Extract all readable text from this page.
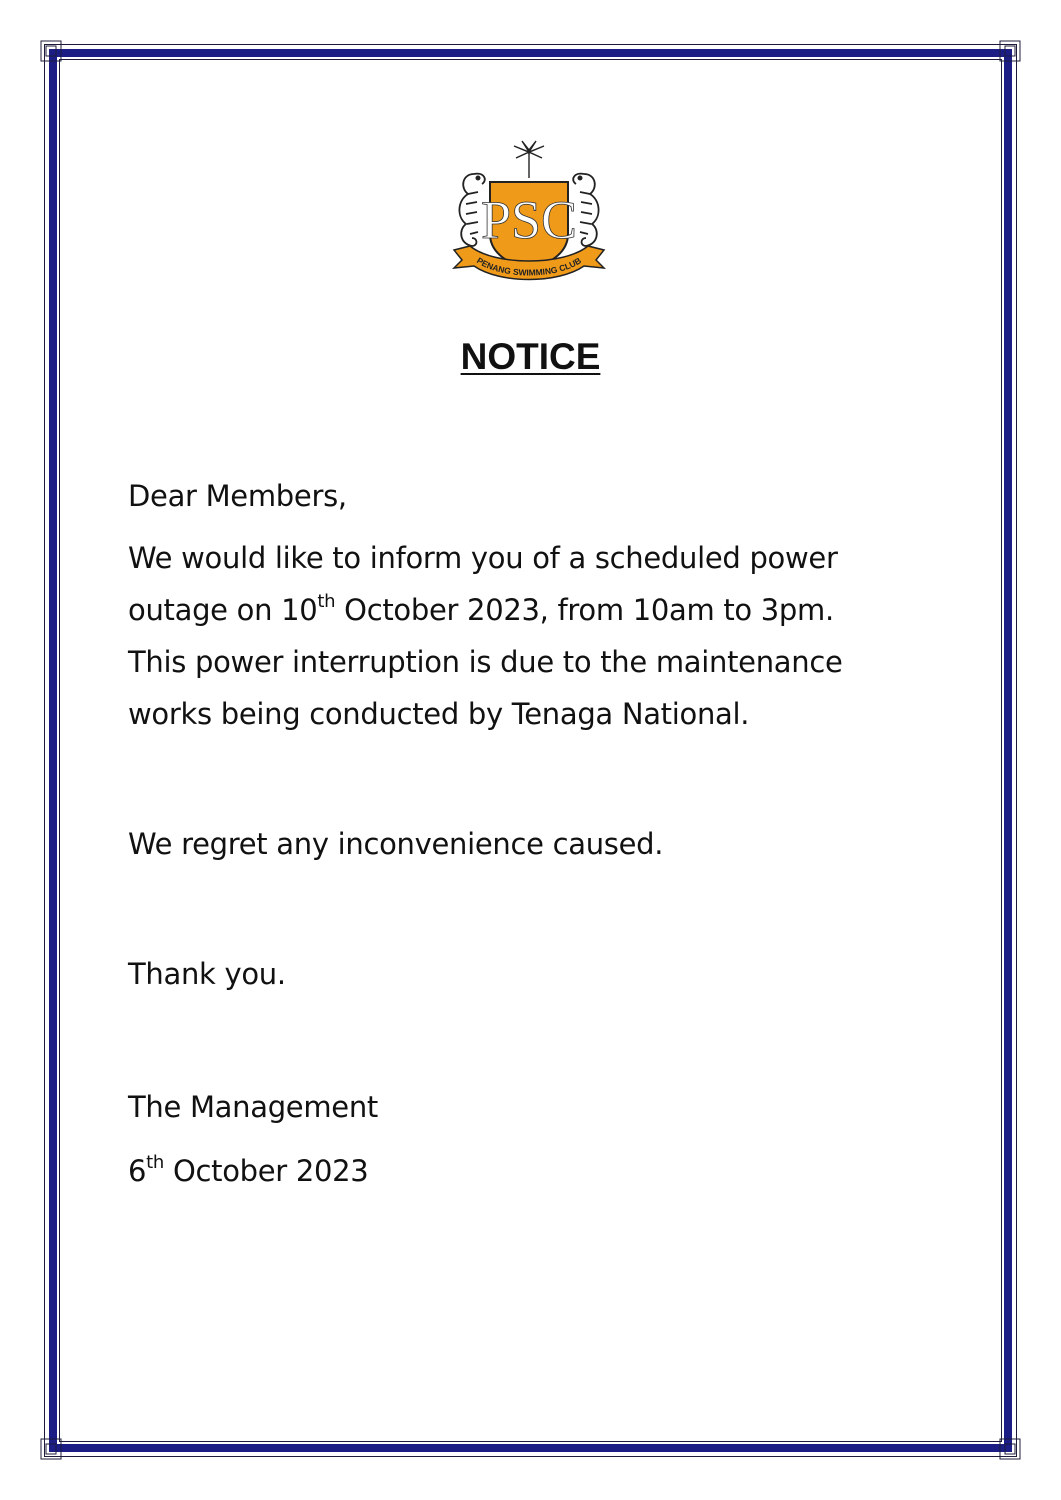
PSC
PENANG SWIMMING CLUB
NOTICE

Dear Members,

We would like to inform you of a scheduled power
outage on 10th October 2023, from 10am to 3pm.
This power interruption is due to the maintenance
works being conducted by Tenaga National.

We regret any inconvenience caused.

Thank you.

The Management

6th October 2023
